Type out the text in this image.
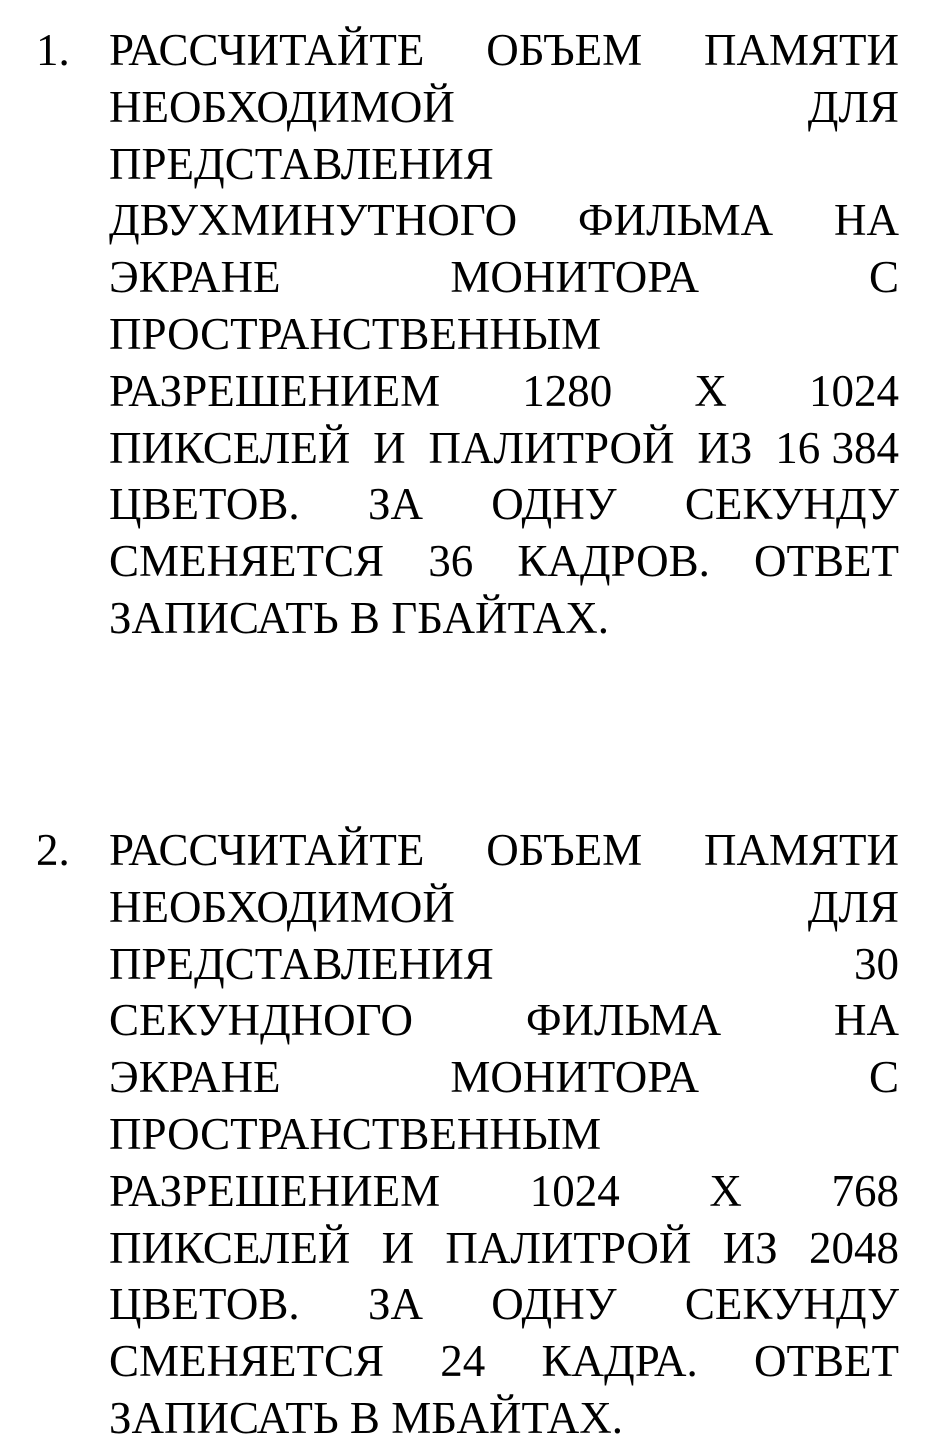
1. РАССЧИТАЙТЕ ОБЪЕМ ПАМЯТИ
НЕОБХОДИМОЙ	ДЛЯ
ПРЕДСТАВЛЕНИЯ
ДВУХМИНУТНОГО ФИЛЬМА НА
ЭКРАНЕ	МОНИТОРА	С
ПРОСТРАНСТВЕННЫМ
РАЗРЕШЕНИЕМ 1280 Х 1024
ПИКСЕЛЕЙ И ПАЛИТРОЙ ИЗ 16 384
ЦВЕТОВ. ЗА ОДНУ СЕКУНДУ
СМЕНЯЕТСЯ 36 КАДРОВ. ОТВЕТ
ЗАПИСАТЬ В ГБАЙТАХ.
2. РАССЧИТАЙТЕ ОБЪЕМ ПАМЯТИ
НЕОБХОДИМОЙ	ДЛЯ
ПРЕДСТАВЛЕНИЯ	30
СЕКУНДНОГО	ФИЛЬМА	НА
ЭКРАНЕ	МОНИТОРА	С
ПРОСТРАНСТВЕННЫМ
РАЗРЕШЕНИЕМ 1024 Х 768
ПИКСЕЛЕЙ И ПАЛИТРОЙ ИЗ 2048
ЦВЕТОВ. ЗА ОДНУ СЕКУНДУ
СМЕНЯЕТСЯ 24 КАДРА. ОТВЕТ
ЗАПИСАТЬ В МБАЙТАХ.
